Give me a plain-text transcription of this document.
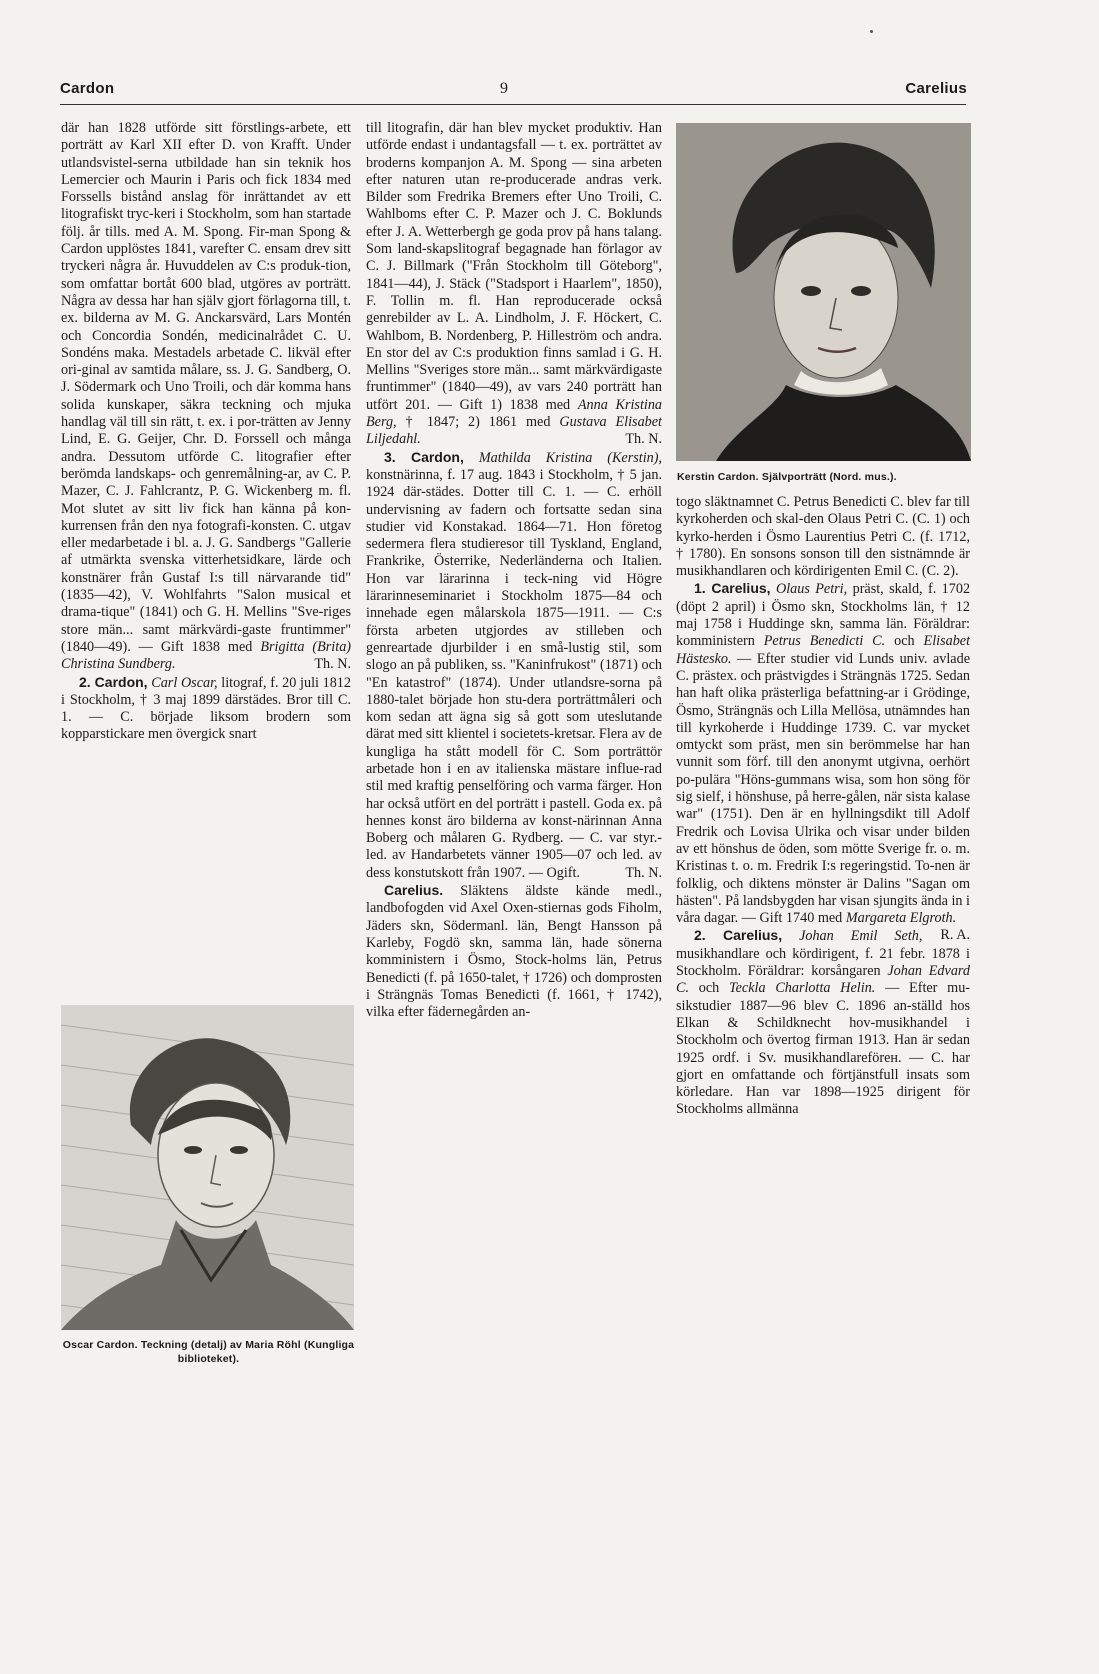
Cardon	9	Carelius

där han 1828 utförde sitt förstlings-arbete, ett porträtt av Karl XII efter D. von Krafft. Under utlandsvistel-serna utbildade han sin teknik hos Lemercier och Maurin i Paris och fick 1834 med Forssells bistånd anslag för inrättandet av ett litografiskt tryc-keri i Stockholm, som han startade följ. år tills. med A. M. Spong. Fir-man Spong & Cardon upplöstes 1841, varefter C. ensam drev sitt tryckeri några år. Huvuddelen av C:s produk-tion, som omfattar bortåt 600 blad, utgöres av porträtt. Några av dessa har han själv gjort förlagorna till, t. ex. bilderna av M. G. Anckarsvärd, Lars Montén och Concordia Sondén, medicinalrådet C. U. Sondéns maka. Mestadels arbetade C. likväl efter ori-ginal av samtida målare, ss. J. G. Sandberg, O. J. Södermark och Uno Troili, och där komma hans solida kunskaper, säkra teckning och mjuka handlag väl till sin rätt, t. ex. i por-trätten av Jenny Lind, E. G. Geijer, Chr. D. Forssell och många andra. Dessutom utförde C. litografier efter berömda landskaps- och genremålning-ar, av C. P. Mazer, C. J. Fahlcrantz, P. G. Wickenberg m. fl. Mot slutet av sitt liv fick han känna på kon-kurrensen från den nya fotografi-konsten. C. utgav eller medarbetade i bl. a. J. G. Sandbergs "Gallerie af utmärkta svenska vitterhetsidkare, lärde och konstnärer från Gustaf I:s till närvarande tid" (1835—42), V. Wohlfahrts "Salon musical et drama-tique" (1841) och G. H. Mellins "Sve-riges store män... samt märkvärdi-gaste fruntimmer" (1840—49). — Gift 1838 med Brigitta (Brita) Christina Sundberg.	Th. N.

2. Cardon, Carl Oscar, litograf, f. 20 juli 1812 i Stockholm, † 3 maj 1899 därstädes. Bror till C. 1. — C. började liksom brodern som kopparstickare men övergick snart

Oscar Cardon. Teckning (detalj) av Maria Röhl (Kungliga biblioteket).

till litografin, där han blev mycket produktiv. Han utförde endast i undantagsfall — t. ex. porträttet av broderns kompanjon A. M. Spong — sina arbeten efter naturen utan re-producerade andras verk. Bilder som Fredrika Bremers efter Uno Troili, C. Wahlboms efter C. P. Mazer och J. C. Boklunds efter J. A. Wetterbergh ge goda prov på hans talang. Som land-skapslitograf begagnade han förlagor av C. J. Billmark ("Från Stockholm till Göteborg", 1841—44), J. Stäck ("Stadsport i Haarlem", 1850), F. Tollin m. fl. Han reproducerade också genrebilder av L. A. Lindholm, J. F. Höckert, C. Wahlbom, B. Nordenberg, P. Hilleström och andra. En stor del av C:s produktion finns samlad i G. H. Mellins "Sveriges store män... samt märkvärdigaste fruntimmer" (1840—49), av vars 240 porträtt han utfört 201. — Gift 1) 1838 med Anna Kristina Berg, † 1847; 2) 1861 med Gustava Elisabet Liljedahl.	Th. N.

3. Cardon, Mathilda Kristina (Kerstin), konstnärinna, f. 17 aug. 1843 i Stockholm, † 5 jan. 1924 där-städes. Dotter till C. 1. — C. erhöll undervisning av fadern och fortsatte sedan sina studier vid Konstakad. 1864—71. Hon företog sedermera flera studieresor till Tyskland, England, Frankrike, Österrike, Nederländerna och Italien. Hon var lärarinna i teck-ning vid Högre lärarinneseminariet i Stockholm 1875—84 och innehade egen målarskola 1875—1911. — C:s första arbeten utgjordes av stilleben och genreartade djurbilder i en små-lustig stil, som slogo an på publiken, ss. "Kaninfrukost" (1871) och "En katastrof" (1874). Under utlandsre-sorna på 1880-talet började hon stu-dera porträttmåleri och kom sedan att ägna sig så gott som uteslutande därat med sitt klientel i societets-kretsar. Flera av de kungliga ha stått modell för C. Som porträttör arbetade hon i en av italienska mästare influe-rad stil med kraftig penselföring och varma färger. Hon har också utfört en del porträtt i pastell. Goda ex. på hennes konst äro bilderna av konst-närinnan Anna Boberg och målaren G. Rydberg. — C. var styr.-led. av Handarbetets vänner 1905—07 och led. av dess konstutskott från 1907. — Ogift.	Th. N.

Carelius. Släktens äldste kände medl., landbofogden vid Axel Oxen-stiernas gods Fiholm, Jäders skn, Södermanl. län, Bengt Hansson på Karleby, Fogdö skn, samma län, hade sönerna komministern i Ösmo, Stock-holms län, Petrus Benedicti (f. på 1650-talet, † 1726) och domprosten i Strängnäs Tomas Benedicti (f. 1661, † 1742), vilka efter fädernegården an-

Kerstin Cardon. Självporträtt (Nord. mus.).

togo släktnamnet C. Petrus Benedicti C. blev far till kyrkoherden och skal-den Olaus Petri C. (C. 1) och kyrko-herden i Ösmo Laurentius Petri C. (f. 1712, † 1780). En sonsons sonson till den sistnämnde är musikhandlaren och kördirigenten Emil C. (C. 2).

1. Carelius, Olaus Petri, präst, skald, f. 1702 (döpt 2 april) i Ösmo skn, Stockholms län, † 12 maj 1758 i Huddinge skn, samma län. Föräldrar: komministern Petrus Benedicti C. och Elisabet Hästesko. — Efter studier vid Lunds univ. avlade C. prästex. och prästvigdes i Strängnäs 1725. Sedan han haft olika prästerliga befattning-ar i Grödinge, Ösmo, Strängnäs och Lilla Mellösa, utnämndes han till kyrkoherde i Huddinge 1739. C. var mycket omtyckt som präst, men sin berömmelse har han vunnit som förf. till den anonymt utgivna, oerhört po-pulära "Höns-gummans wisa, som hon söng för sig sielf, i hönshuse, på herre-gålen, när sista kalase war" (1751). Den är en hyllningsdikt till Adolf Fredrik och Lovisa Ulrika och visar under bilden av ett hönshus de öden, som mötte Sverige fr. o. m. Kristinas t. o. m. Fredrik I:s regeringstid. To-nen är folklig, och diktens mönster är Dalins "Sagan om hästen". På landsbygden har visan sjungits ända in i våra dagar. — Gift 1740 med Margareta Elgroth.
R. A.

2. Carelius, Johan Emil Seth, musikhandlare och kördirigent, f. 21 febr. 1878 i Stockholm. Föräldrar: korsångaren Johan Edvard C. och Teckla Charlotta Helin. — Efter mu-sikstudier 1887—96 blev C. 1896 an-ställd hos Elkan & Schildknecht hov-musikhandel i Stockholm och övertog firman 1913. Han är sedan 1925 ordf. i Sv. musikhandlareförен. — C. har gjort en omfattande och förtjänstfull insats som körledare. Han var 1898—1925 dirigent för Stockholms allmänna
